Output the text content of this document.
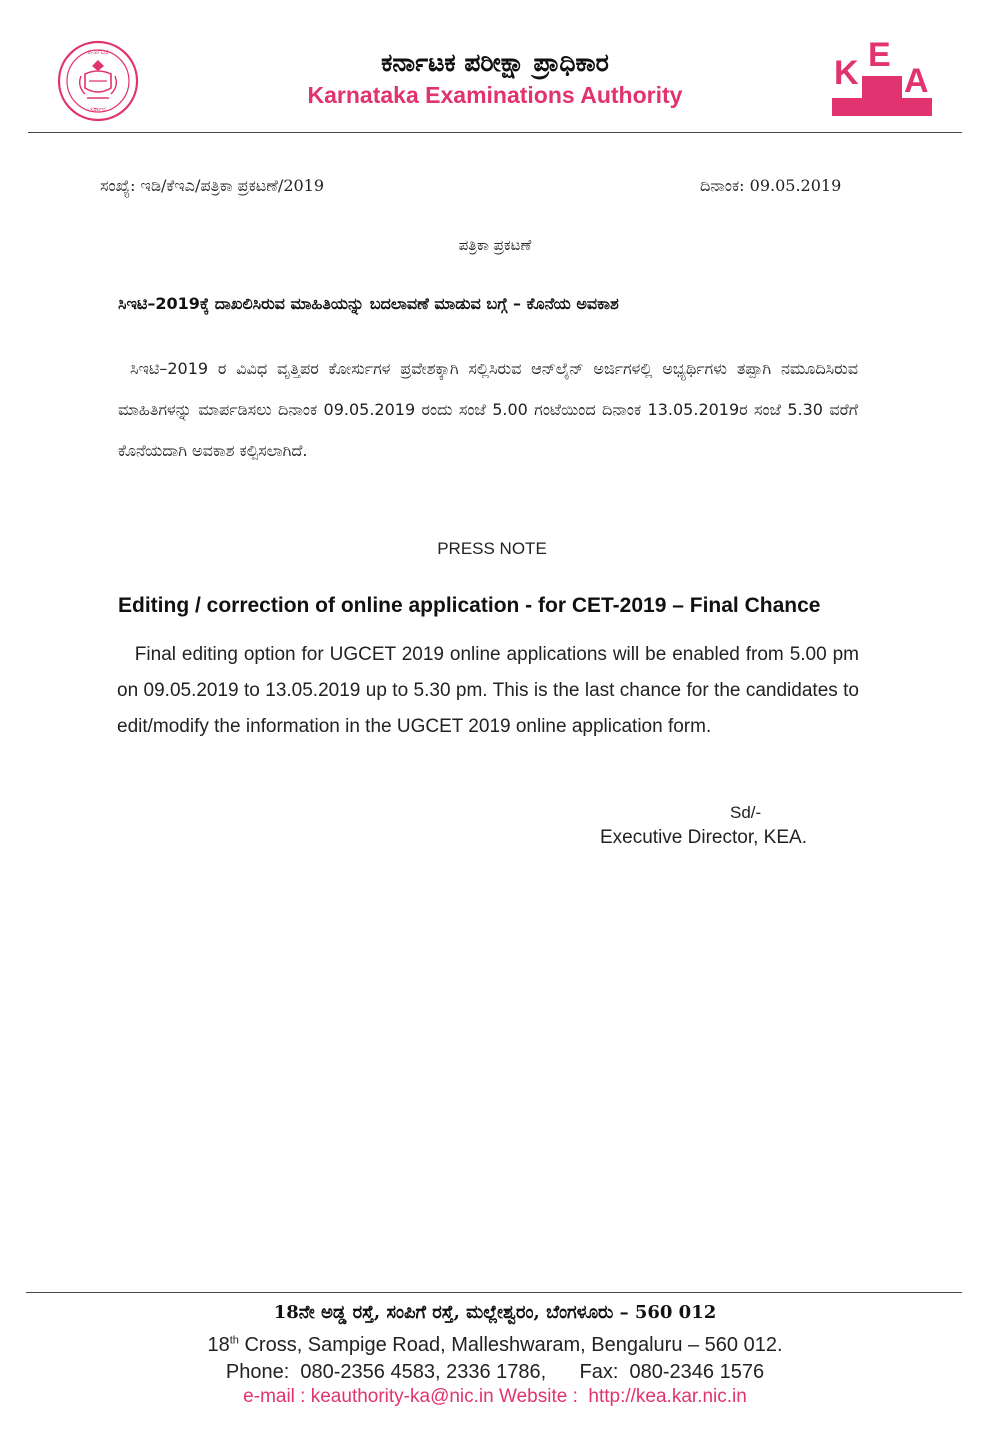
ಕರ್ನಾಟಕ
ಸರ್ಕಾರ
ಕರ್ನಾಟಕ ಪರೀಕ್ಷಾ ಪ್ರಾಧಿಕಾರ
Karnataka Examinations Authority
K E
A
ಸಂಖ್ಯೆ: ಇಡಿ/ಕೆಇಎ/ಪತ್ರಿಕಾ ಪ್ರಕಟಣೆ/2019	ದಿನಾಂಕ: 09.05.2019
ಪತ್ರಿಕಾ ಪ್ರಕಟಣೆ
ಸಿಇಟಿ–2019ಕ್ಕೆ ದಾಖಲಿಸಿರುವ ಮಾಹಿತಿಯನ್ನು ಬದಲಾವಣೆ ಮಾಡುವ ಬಗ್ಗೆ – ಕೊನೆಯ ಅವಕಾಶ
ಸಿಇಟಿ–2019 ರ ವಿವಿಧ ವೃತ್ತಿಪರ ಕೋರ್ಸುಗಳ ಪ್ರವೇಶಕ್ಕಾಗಿ ಸಲ್ಲಿಸಿರುವ ಆನ್‌ಲೈನ್ ಅರ್ಜಿಗಳಲ್ಲಿ ಅಭ್ಯರ್ಥಿಗಳು ತಪ್ಪಾಗಿ ನಮೂದಿಸಿರುವ ಮಾಹಿತಿಗಳನ್ನು ಮಾರ್ಪಡಿಸಲು ದಿನಾಂಕ 09.05.2019 ರಂದು ಸಂಜೆ 5.00 ಗಂಟೆಯಿಂದ ದಿನಾಂಕ 13.05.2019ರ ಸಂಜೆ 5.30 ವರೆಗೆ ಕೊನೆಯದಾಗಿ ಅವಕಾಶ ಕಲ್ಪಿಸಲಾಗಿದೆ.
PRESS NOTE
Editing / correction of online application - for CET-2019 – Final Chance
Final editing option for UGCET 2019 online applications will be enabled from 5.00 pm on 09.05.2019 to 13.05.2019 up to 5.30 pm. This is the last chance for the candidates to edit/modify the information in the UGCET 2019 online application form.
Sd/-
Executive Director, KEA.
18ನೇ ಅಡ್ಡ ರಸ್ತೆ, ಸಂಪಿಗೆ ರಸ್ತೆ, ಮಲ್ಲೇಶ್ವರಂ, ಬೆಂಗಳೂರು – 560 012
18th Cross, Sampige Road, Malleshwaram, Bengaluru – 560 012.
Phone:  080-2356 4583, 2336 1786,      Fax:  080-2346 1576
e-mail : keauthority-ka@nic.in Website :  http://kea.kar.nic.in
